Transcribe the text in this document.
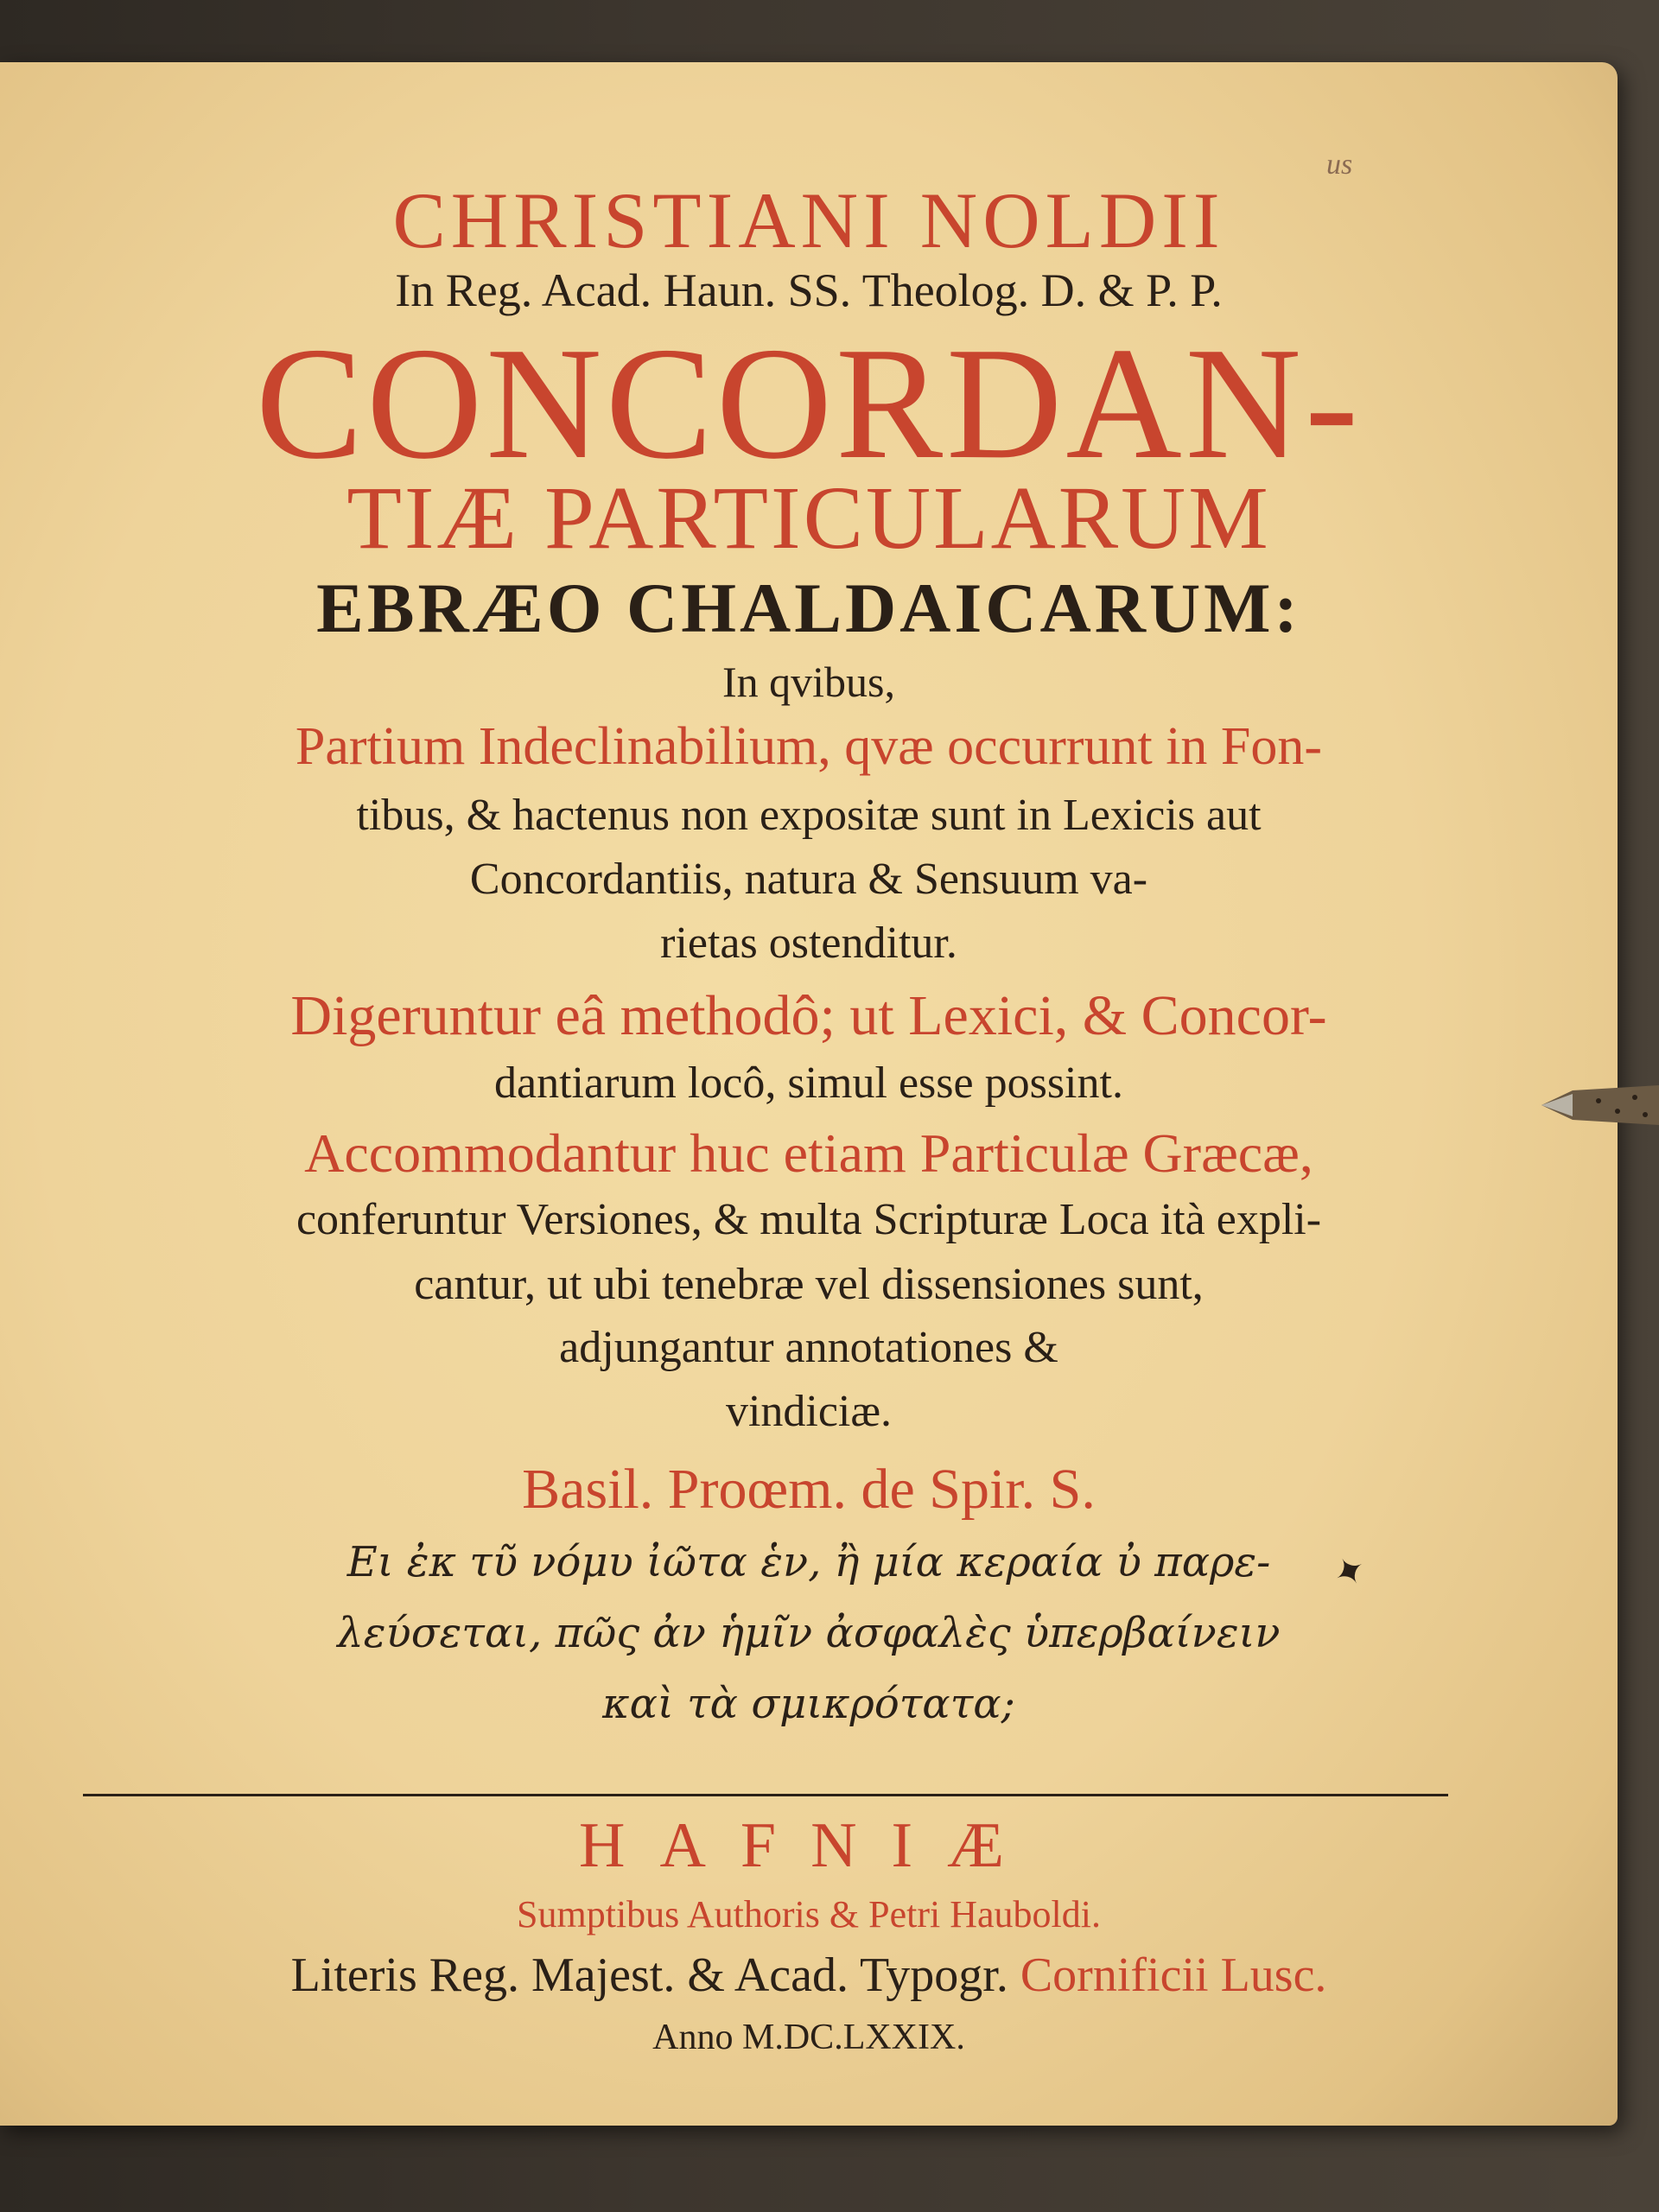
us
CHRISTIANI NOLDII
In Reg. Acad. Haun. SS. Theolog. D. & P. P.
CONCORDAN-
TIÆ PARTICULARUM
EBRÆO CHALDAICARUM:
In qvibus,
Partium Indeclinabilium, qvæ occurrunt in Fon-
tibus, & hactenus non expositæ sunt in Lexicis aut
Concordantiis, natura & Sensuum va-
rietas ostenditur.
Digeruntur eâ methodô; ut Lexici, & Concor-
dantiarum locô, simul esse possint.
Accommodantur huc etiam Particulæ Græcæ,
conferuntur Versiones, & multa Scripturæ Loca ità expli-
cantur, ut ubi tenebræ vel dissensiones sunt,
adjungantur annotationes &
vindiciæ.
Basil. Proœm. de Spir. S.
Ει ἐκ τῦ νόμυ ἰῶτα ἑν, ἢ μία κεραία ὐ παρε-
λεύσεται, πῶς ἀν ἡμῖν ἀσφαλὲς ὑπερβαίνειν
καὶ τὰ σμικρότατα;
HAFNIÆ
Sumptibus Authoris & Petri Hauboldi.
Literis Reg. Majest. & Acad. Typogr. Cornificii Lusc.
Anno M.DC.LXXIX.
✦
